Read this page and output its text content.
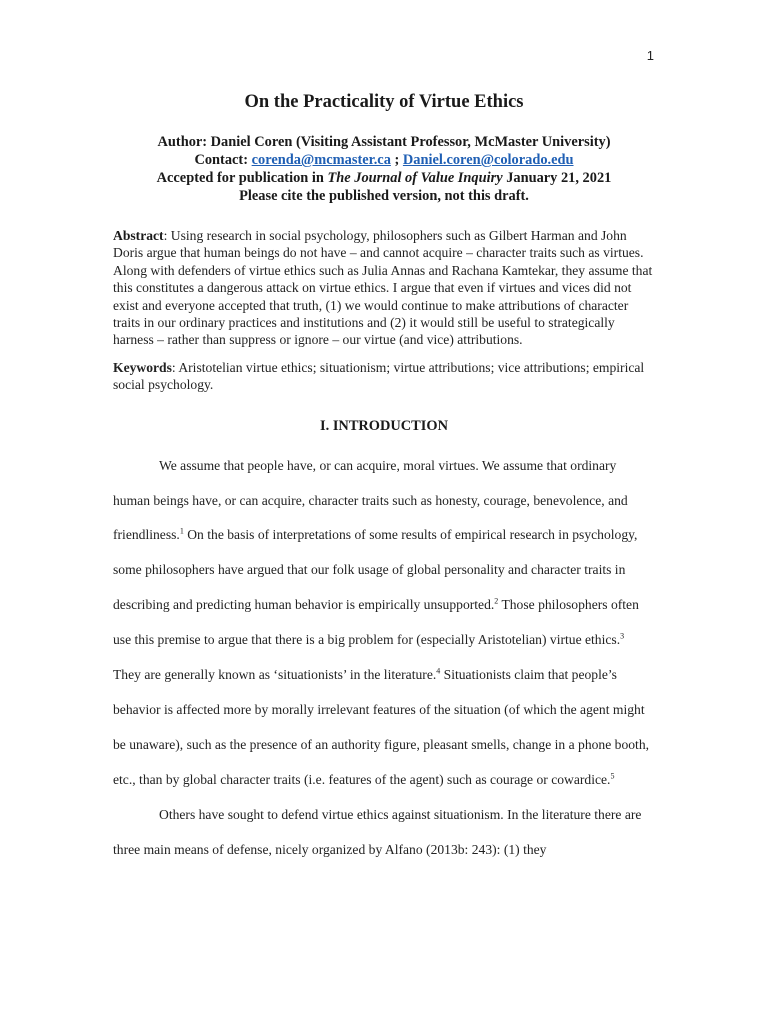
1
On the Practicality of Virtue Ethics
Author: Daniel Coren (Visiting Assistant Professor, McMaster University)
Contact: corenda@mcmaster.ca ; Daniel.coren@colorado.edu
Accepted for publication in The Journal of Value Inquiry January 21, 2021
Please cite the published version, not this draft.
Abstract: Using research in social psychology, philosophers such as Gilbert Harman and John Doris argue that human beings do not have – and cannot acquire – character traits such as virtues. Along with defenders of virtue ethics such as Julia Annas and Rachana Kamtekar, they assume that this constitutes a dangerous attack on virtue ethics. I argue that even if virtues and vices did not exist and everyone accepted that truth, (1) we would continue to make attributions of character traits in our ordinary practices and institutions and (2) it would still be useful to strategically harness – rather than suppress or ignore – our virtue (and vice) attributions.
Keywords: Aristotelian virtue ethics; situationism; virtue attributions; vice attributions; empirical social psychology.
I. INTRODUCTION

We assume that people have, or can acquire, moral virtues. We assume that ordinary human beings have, or can acquire, character traits such as honesty, courage, benevolence, and friendliness.$^1$ On the basis of interpretations of some results of empirical research in psychology, some philosophers have argued that our folk usage of global personality and character traits in describing and predicting human behavior is empirically unsupported.$^2$ Those philosophers often use this premise to argue that there is a big problem for (especially Aristotelian) virtue ethics.$^3$ They are generally known as ‘situationists’ in the literature.$^4$ Situationists claim that people’s behavior is affected more by morally irrelevant features of the situation (of which the agent might be unaware), such as the presence of an authority figure, pleasant smells, change in a phone booth, etc., than by global character traits (i.e. features of the agent) such as courage or cowardice.$^5$

Others have sought to defend virtue ethics against situationism. In the literature there are three main means of defense, nicely organized by Alfano (2013b: 243): (1) they
